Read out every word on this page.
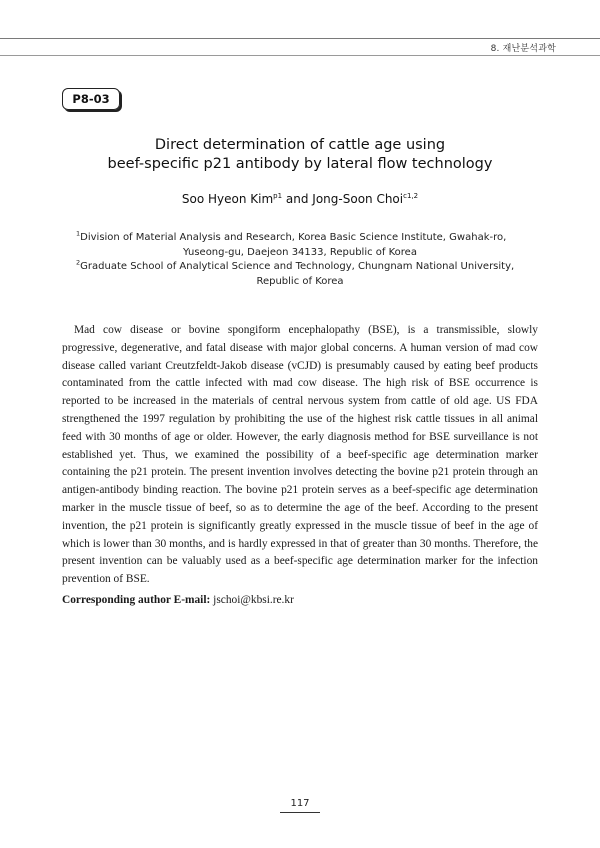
8. 재난분석과학
P8-03
Direct determination of cattle age using
beef-specific p21 antibody by lateral flow technology
Soo Hyeon Kim$^{p1}$ and Jong-Soon Choi$^{c1,2}$
$^1$Division of Material Analysis and Research, Korea Basic Science Institute, Gwahak-ro,
Yuseong-gu, Daejeon 34133, Republic of Korea
$^2$Graduate School of Analytical Science and Technology, Chungnam National University,
Republic of Korea

Mad cow disease or bovine spongiform encephalopathy (BSE), is a transmissible, slowly progressive, degenerative, and fatal disease with major global concerns. A human version of mad cow disease called variant Creutzfeldt-Jakob disease (vCJD) is presumably caused by eating beef products contaminated from the cattle infected with mad cow disease. The high risk of BSE occurrence is reported to be increased in the materials of central nervous system from cattle of old age. US FDA strengthened the 1997 regulation by prohibiting the use of the highest risk cattle tissues in all animal feed with 30 months of age or older. However, the early diagnosis method for BSE surveillance is not established yet. Thus, we examined the possibility of a beef-specific age determination marker containing the p21 protein. The present invention involves detecting the bovine p21 protein through an antigen-antibody binding reaction. The bovine p21 protein serves as a beef-specific age determination marker in the muscle tissue of beef, so as to determine the age of the beef. According to the present invention, the p21 protein is significantly greatly expressed in the muscle tissue of beef in the age of which is lower than 30 months, and is hardly expressed in that of greater than 30 months. Therefore, the present invention can be valuably used as a beef-specific age determination marker for the infection prevention of BSE.

Corresponding author E-mail: jschoi@kbsi.re.kr
117
